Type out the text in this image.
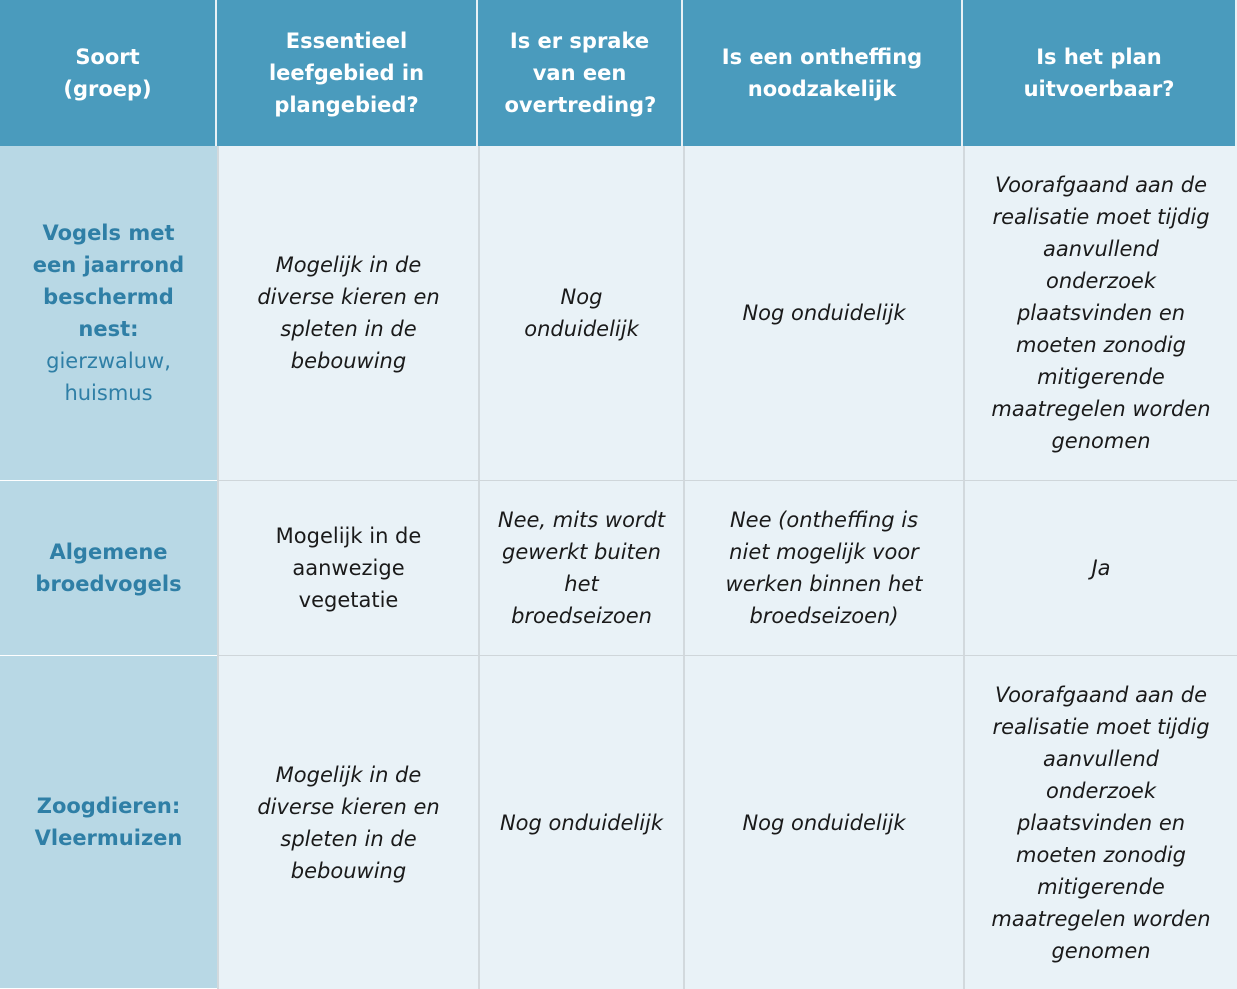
Soort (groep)
Essentieel leefgebied in plangebied?
Is er sprake van een overtreding?
Is een ontheffing noodzakelijk
Is het plan uitvoerbaar?
Vogels met een jaarrond beschermd nest:
gierzwaluw, huismus
Mogelijk in de diverse kieren en spleten in de bebouwing
Nog onduidelijk
Nog onduidelijk
Voorafgaand aan de realisatie moet tijdig aanvullend onderzoek plaatsvinden en moeten zonodig mitigerende maatregelen worden genomen
Algemene broedvogels
Mogelijk in de aanwezige vegetatie
Nee, mits wordt gewerkt buiten het broedseizoen
Nee (ontheffing is niet mogelijk voor werken binnen het broedseizoen)
Ja
Zoogdieren: Vleermuizen
Mogelijk in de diverse kieren en spleten in de bebouwing
Nog onduidelijk	Nog onduidelijk
Voorafgaand aan de realisatie moet tijdig aanvullend onderzoek plaatsvinden en moeten zonodig mitigerende maatregelen worden genomen
